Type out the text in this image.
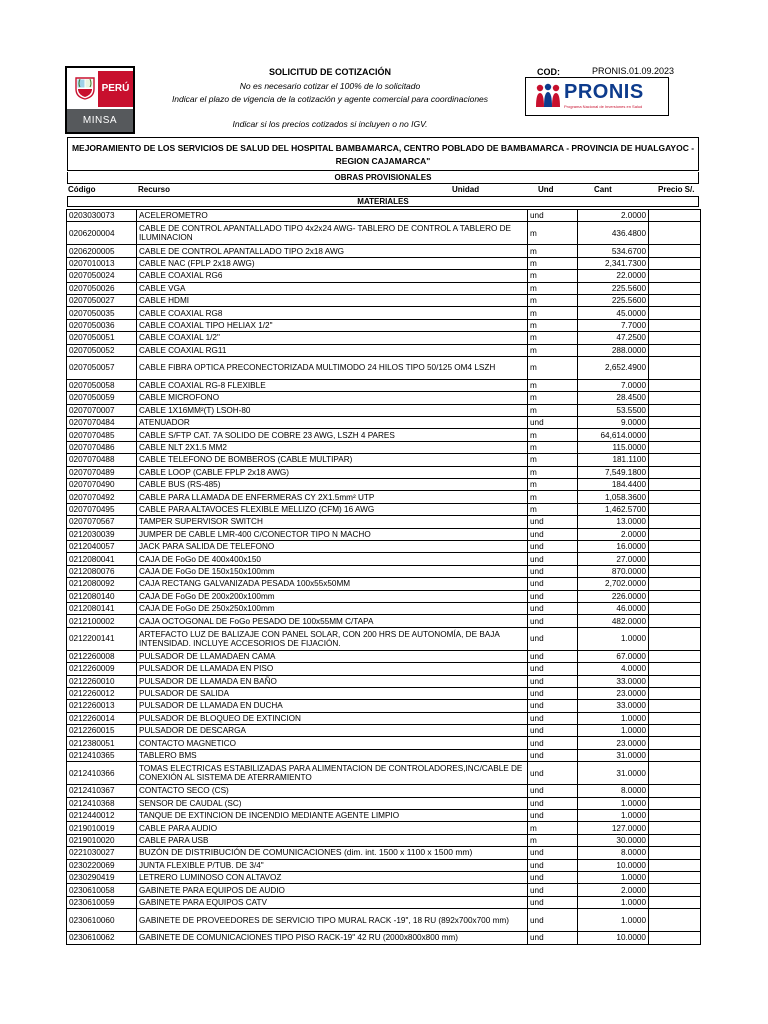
PERÚ
MINSA
SOLICITUD DE COTIZACIÓN
No es necesario cotizar el 100% de lo solicitado
Indicar el plazo de vigencia de la cotización y agente comercial para coordinaciones
Indicar si los precios cotizados si incluyen o no IGV.
COD:	PRONIS.01.09.2023
PRONIS
Programa Nacional de Inversiones en Salud
MEJORAMIENTO DE LOS SERVICIOS DE SALUD DEL HOSPITAL BAMBAMARCA, CENTRO POBLADO DE BAMBAMARCA - PROVINCIA DE HUALGAYOC - REGION CAJAMARCA"
OBRAS PROVISIONALES
Código	Recurso	Unidad	Und	Cant	Precio S/.
MATERIALES
0203030073	ACELEROMETRO	und	2.0000	
0206200004	CABLE DE CONTROL APANTALLADO TIPO 4x2x24 AWG- TABLERO DE CONTROL A TABLERO DE ILUMINACION	m	436.4800	
0206200005	CABLE DE CONTROL APANTALLADO TIPO 2x18 AWG	m	534.6700	
0207010013	CABLE NAC (FPLP 2x18 AWG)	m	2,341.7300	
0207050024	CABLE COAXIAL RG6	m	22.0000	
0207050026	CABLE VGA	m	225.5600	
0207050027	CABLE HDMI	m	225.5600	
0207050035	CABLE COAXIAL RG8	m	45.0000	
0207050036	CABLE COAXIAL TIPO HELIAX 1/2"	m	7.7000	
0207050051	CABLE COAXIAL 1/2"	m	47.2500	
0207050052	CABLE COAXIAL RG11	m	288.0000	
0207050057	CABLE FIBRA OPTICA PRECONECTORIZADA MULTIMODO 24 HILOS TIPO 50/125 OM4 LSZH	m	2,652.4900	
0207050058	CABLE COAXIAL RG-8 FLEXIBLE	m	7.0000	
0207050059	CABLE MICROFONO	m	28.4500	
0207070007	CABLE 1X16MM²(T) LSOH-80	m	53.5500	
0207070484	ATENUADOR	und	9.0000	
0207070485	CABLE S/FTP CAT. 7A SOLIDO DE COBRE 23 AWG, LSZH 4 PARES	m	64,614.0000	
0207070486	CABLE NLT 2X1.5 MM2	m	115.0000	
0207070488	CABLE TELEFONO DE BOMBEROS (CABLE MULTIPAR)	m	181.1100	
0207070489	CABLE LOOP (CABLE FPLP 2x18 AWG)	m	7,549.1800	
0207070490	CABLE BUS (RS-485)	m	184.4400	
0207070492	CABLE PARA LLAMADA DE ENFERMERAS CY 2X1.5mm² UTP	m	1,058.3600	
0207070495	CABLE PARA ALTAVOCES FLEXIBLE MELLIZO (CFM) 16 AWG	m	1,462.5700	
0207070567	TAMPER SUPERVISOR SWITCH	und	13.0000	
0212030039	JUMPER DE CABLE LMR-400 C/CONECTOR TIPO N MACHO	und	2.0000	
0212040057	JACK PARA SALIDA DE TELEFONO	und	16.0000	
0212080041	CAJA DE FoGo DE 400x400x150	und	27.0000	
0212080076	CAJA DE FoGo DE 150x150x100mm	und	870.0000	
0212080092	CAJA RECTANG GALVANIZADA PESADA 100x55x50MM	und	2,702.0000	
0212080140	CAJA DE FoGo DE 200x200x100mm	und	226.0000	
0212080141	CAJA DE FoGo DE 250x250x100mm	und	46.0000	
0212100002	CAJA OCTOGONAL DE FoGo PESADO DE 100x55MM C/TAPA	und	482.0000	
0212200141	ARTEFACTO LUZ DE BALIZAJE CON PANEL SOLAR, CON 200 HRS DE AUTONOMÍA, DE BAJA INTENSIDAD. INCLUYE ACCESORIOS DE FIJACIÓN.	und	1.0000	
0212260008	PULSADOR DE LLAMADAEN CAMA	und	67.0000	
0212260009	PULSADOR DE LLAMADA EN PISO	und	4.0000	
0212260010	PULSADOR DE LLAMADA EN BAÑO	und	33.0000	
0212260012	PULSADOR DE SALIDA	und	23.0000	
0212260013	PULSADOR DE LLAMADA EN DUCHA	und	33.0000	
0212260014	PULSADOR DE BLOQUEO DE EXTINCION	und	1.0000	
0212260015	PULSADOR DE DESCARGA	und	1.0000	
0212380051	CONTACTO MAGNETICO	und	23.0000	
0212410365	TABLERO BMS	und	31.0000	
0212410366	TOMAS ELECTRICAS ESTABILIZADAS PARA ALIMENTACION DE CONTROLADORES,INC/CABLE DE CONEXIÓN AL SISTEMA DE ATERRAMIENTO	und	31.0000	
0212410367	CONTACTO SECO (CS)	und	8.0000	
0212410368	SENSOR DE CAUDAL (SC)	und	1.0000	
0212440012	TANQUE DE EXTINCION DE INCENDIO MEDIANTE AGENTE LIMPIO	und	1.0000	
0219010019	CABLE PARA AUDIO	m	127.0000	
0219010020	CABLE PARA USB	m	30.0000	
0221030027	BUZÓN DE DISTRIBUCIÓN DE COMUNICACIONES (dim. int. 1500 x 1100 x 1500 mm)	und	8.0000	
0230220069	JUNTA FLEXIBLE P/TUB. DE 3/4"	und	10.0000	
0230290419	LETRERO LUMINOSO CON ALTAVOZ	und	1.0000	
0230610058	GABINETE PARA EQUIPOS DE AUDIO	und	2.0000	
0230610059	GABINETE PARA EQUIPOS CATV	und	1.0000	
0230610060	GABINETE DE PROVEEDORES DE SERVICIO TIPO MURAL RACK -19", 18 RU (892x700x700 mm)	und	1.0000	
0230610062	GABINETE DE COMUNICACIONES TIPO PISO RACK-19" 42 RU (2000x800x800 mm)	und	10.0000	
